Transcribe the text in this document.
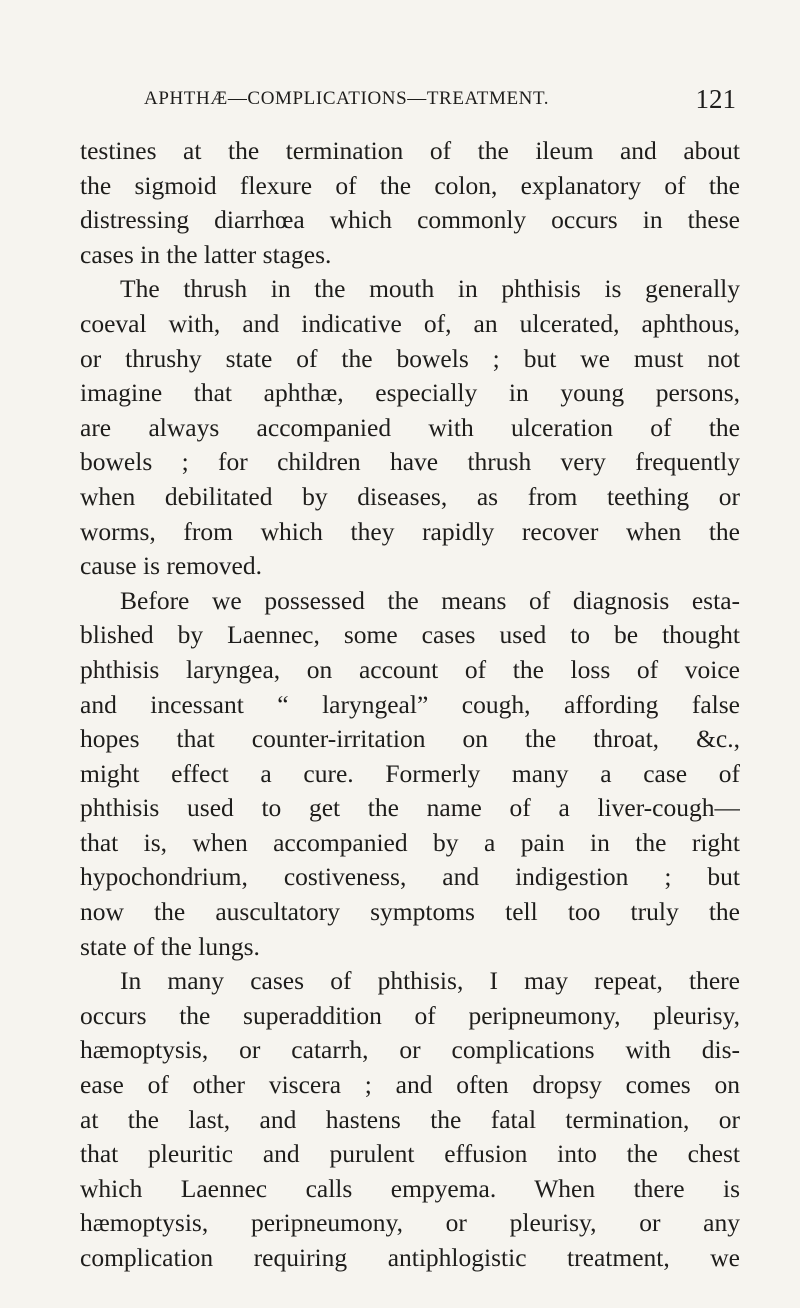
APHTHÆ—COMPLICATIONS—TREATMENT.	121
testines at the termination of the ileum and about
the sigmoid flexure of the colon, explanatory of the
distressing diarrhœa which commonly occurs in these
cases in the latter stages.
The thrush in the mouth in phthisis is generally
coeval with, and indicative of, an ulcerated, aphthous,
or thrushy state of the bowels ; but we must not
imagine that aphthæ, especially in young persons,
are always accompanied with ulceration of the
bowels ; for children have thrush very frequently
when debilitated by diseases, as from teething or
worms, from which they rapidly recover when the
cause is removed.
Before we possessed the means of diagnosis esta-
blished by Laennec, some cases used to be thought
phthisis laryngea, on account of the loss of voice
and incessant “ laryngeal” cough, affording false
hopes that counter-irritation on the throat, &c.,
might effect a cure. Formerly many a case of
phthisis used to get the name of a liver-cough—
that is, when accompanied by a pain in the right
hypochondrium, costiveness, and indigestion ; but
now the auscultatory symptoms tell too truly the
state of the lungs.
In many cases of phthisis, I may repeat, there
occurs the superaddition of peripneumony, pleurisy,
hæmoptysis, or catarrh, or complications with dis-
ease of other viscera ; and often dropsy comes on
at the last, and hastens the fatal termination, or
that pleuritic and purulent effusion into the chest
which Laennec calls empyema. When there is
hæmoptysis, peripneumony, or pleurisy, or any
complication requiring antiphlogistic treatment, we
